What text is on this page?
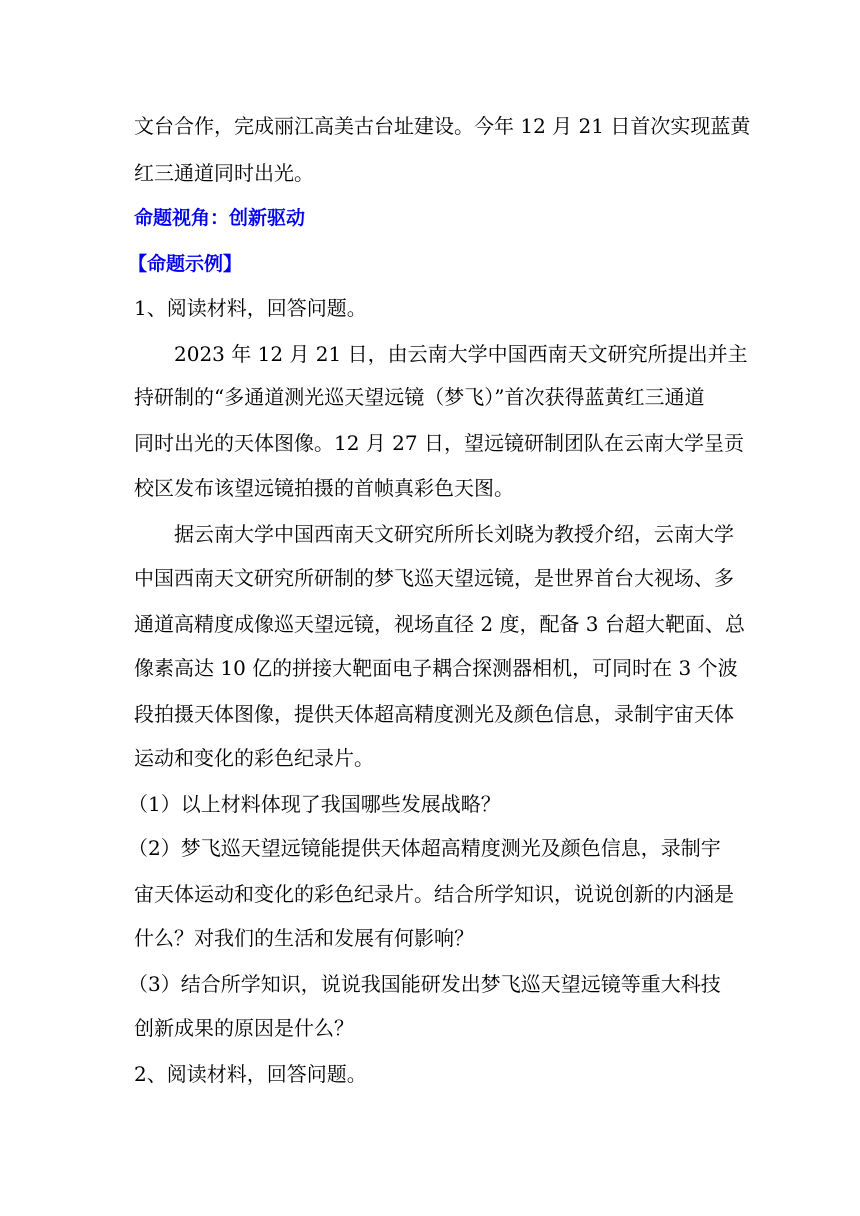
文台合作，完成丽江高美古台址建设。今年 12 月 21 日首次实现蓝黄
红三通道同时出光。
命题视角：创新驱动
【命题示例】
1、阅读材料，回答问题。
2023 年 12 月 21 日，由云南大学中国西南天文研究所提出并主
持研制的“多通道测光巡天望远镜（梦飞）”首次获得蓝黄红三通道
同时出光的天体图像。12 月 27 日，望远镜研制团队在云南大学呈贡
校区发布该望远镜拍摄的首帧真彩色天图。
据云南大学中国西南天文研究所所长刘晓为教授介绍，云南大学
中国西南天文研究所研制的梦飞巡天望远镜，是世界首台大视场、多
通道高精度成像巡天望远镜，视场直径 2 度，配备 3 台超大靶面、总
像素高达 10 亿的拼接大靶面电子耦合探测器相机，可同时在 3 个波
段拍摄天体图像，提供天体超高精度测光及颜色信息，录制宇宙天体
运动和变化的彩色纪录片。
（1）以上材料体现了我国哪些发展战略？
（2）梦飞巡天望远镜能提供天体超高精度测光及颜色信息，录制宇
宙天体运动和变化的彩色纪录片。结合所学知识，说说创新的内涵是
什么？对我们的生活和发展有何影响？
（3）结合所学知识，说说我国能研发出梦飞巡天望远镜等重大科技
创新成果的原因是什么？
2、阅读材料，回答问题。
